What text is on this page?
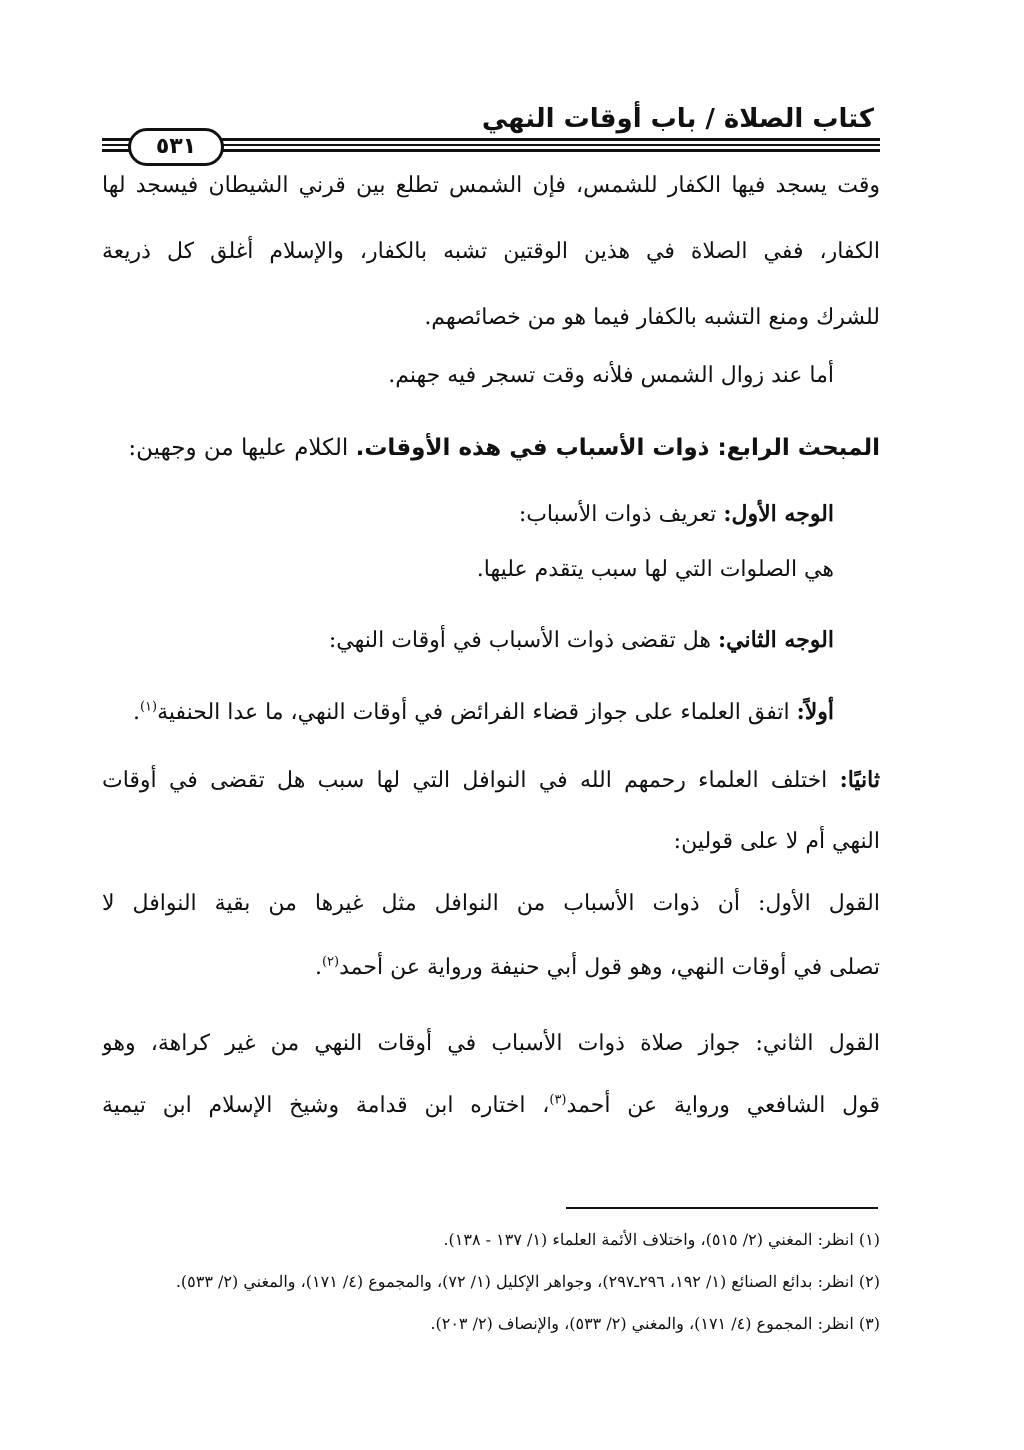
كتاب الصلاة / باب أوقات النهي
٥٣١
وقت يسجد فيها الكفار للشمس، فإن الشمس تطلع بين قرني الشيطان فيسجد لها
الكفار، ففي الصلاة في هذين الوقتين تشبه بالكفار، والإسلام أغلق كل ذريعة
للشرك ومنع التشبه بالكفار فيما هو من خصائصهم.
أما عند زوال الشمس فلأنه وقت تسجر فيه جهنم.
المبحث الرابع: ذوات الأسباب في هذه الأوقات. الكلام عليها من وجهين:
الوجه الأول: تعريف ذوات الأسباب:
هي الصلوات التي لها سبب يتقدم عليها.
الوجه الثاني: هل تقضى ذوات الأسباب في أوقات النهي:
أولاً: اتفق العلماء على جواز قضاء الفرائض في أوقات النهي، ما عدا الحنفية$^{(١)}$.
ثانيًا: اختلف العلماء رحمهم الله في النوافل التي لها سبب هل تقضى في أوقات
النهي أم لا على قولين:
القول الأول: أن ذوات الأسباب من النوافل مثل غيرها من بقية النوافل لا
تصلى في أوقات النهي، وهو قول أبي حنيفة ورواية عن أحمد$^{(٢)}$.
القول الثاني: جواز صلاة ذوات الأسباب في أوقات النهي من غير كراهة، وهو
قول الشافعي ورواية عن أحمد$^{(٣)}$، اختاره ابن قدامة وشيخ الإسلام ابن تيمية
(١) انظر: المغني (٢/ ٥١٥)، واختلاف الأئمة العلماء (١/ ١٣٧ - ١٣٨).
(٢) انظر: بدائع الصنائع (١/ ١٩٢، ٢٩٦ـ٢٩٧)، وجواهر الإكليل (١/ ٧٢)، والمجموع (٤/ ١٧١)، والمغني (٢/ ٥٣٣).
(٣) انظر: المجموع (٤/ ١٧١)، والمغني (٢/ ٥٣٣)، والإنصاف (٢/ ٢٠٣).
